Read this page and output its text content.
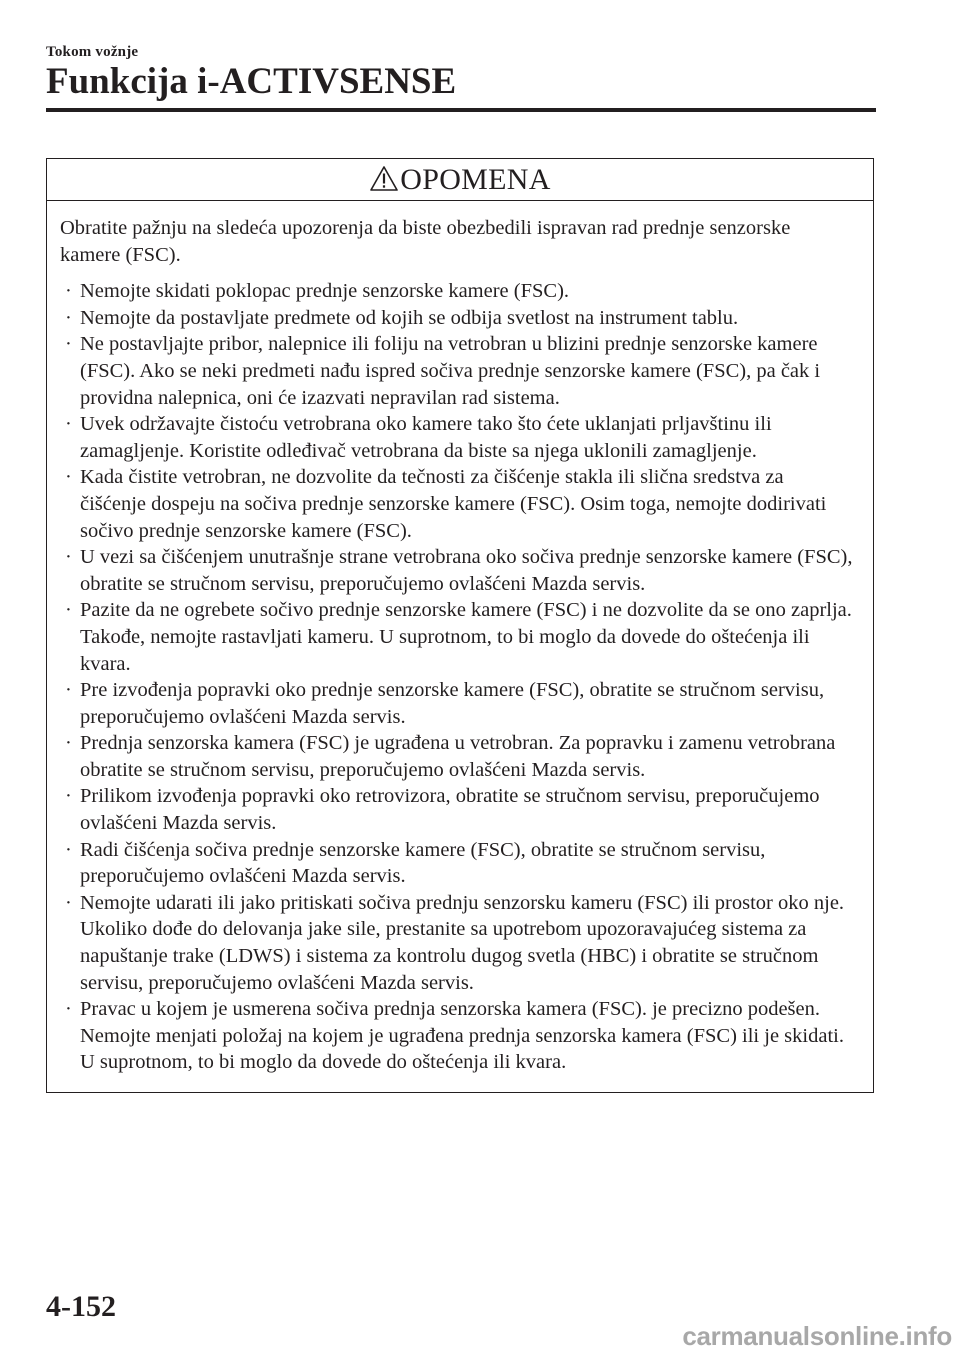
Tokom vožnje
Funkcija i-ACTIVSENSE
OPOMENA

Obratite pažnju na sledeća upozorenja da biste obezbedili ispravan rad prednje senzorske kamere (FSC).

· Nemojte skidati poklopac prednje senzorske kamere (FSC).
· Nemojte da postavljate predmete od kojih se odbija svetlost na instrument tablu.
· Ne postavljajte pribor, nalepnice ili foliju na vetrobran u blizini prednje senzorske kamere (FSC). Ako se neki predmeti nađu ispred sočiva prednje senzorske kamere (FSC), pa čak i providna nalepnica, oni će izazvati nepravilan rad sistema.
· Uvek održavajte čistoću vetrobrana oko kamere tako što ćete uklanjati prljavštinu ili zamagljenje. Koristite odleđivač vetrobrana da biste sa njega uklonili zamagljenje.
· Kada čistite vetrobran, ne dozvolite da tečnosti za čišćenje stakla ili slična sredstva za čišćenje dospeju na sočiva prednje senzorske kamere (FSC). Osim toga, nemojte dodirivati sočivo prednje senzorske kamere (FSC).
· U vezi sa čišćenjem unutrašnje strane vetrobrana oko sočiva prednje senzorske kamere (FSC), obratite se stručnom servisu, preporučujemo ovlašćeni Mazda servis.
· Pazite da ne ogrebete sočivo prednje senzorske kamere (FSC) i ne dozvolite da se ono zaprlja. Takođe, nemojte rastavljati kameru. U suprotnom, to bi moglo da dovede do oštećenja ili kvara.
· Pre izvođenja popravki oko prednje senzorske kamere (FSC), obratite se stručnom servisu, preporučujemo ovlašćeni Mazda servis.
· Prednja senzorska kamera (FSC) je ugrađena u vetrobran. Za popravku i zamenu vetrobrana obratite se stručnom servisu, preporučujemo ovlašćeni Mazda servis.
· Prilikom izvođenja popravki oko retrovizora, obratite se stručnom servisu, preporučujemo ovlašćeni Mazda servis.
· Radi čišćenja sočiva prednje senzorske kamere (FSC), obratite se stručnom servisu, preporučujemo ovlašćeni Mazda servis.
· Nemojte udarati ili jako pritiskati sočiva prednju senzorsku kameru (FSC) ili prostor oko nje. Ukoliko dođe do delovanja jake sile, prestanite sa upotrebom upozoravajućeg sistema za napuštanje trake (LDWS) i sistema za kontrolu dugog svetla (HBC) i obratite se stručnom servisu, preporučujemo ovlašćeni Mazda servis.
· Pravac u kojem je usmerena sočiva prednja senzorska kamera (FSC). je precizno podešen. Nemojte menjati položaj na kojem je ugrađena prednja senzorska kamera (FSC) ili je skidati. U suprotnom, to bi moglo da dovede do oštećenja ili kvara.
4-152
carmanualsonline.info
